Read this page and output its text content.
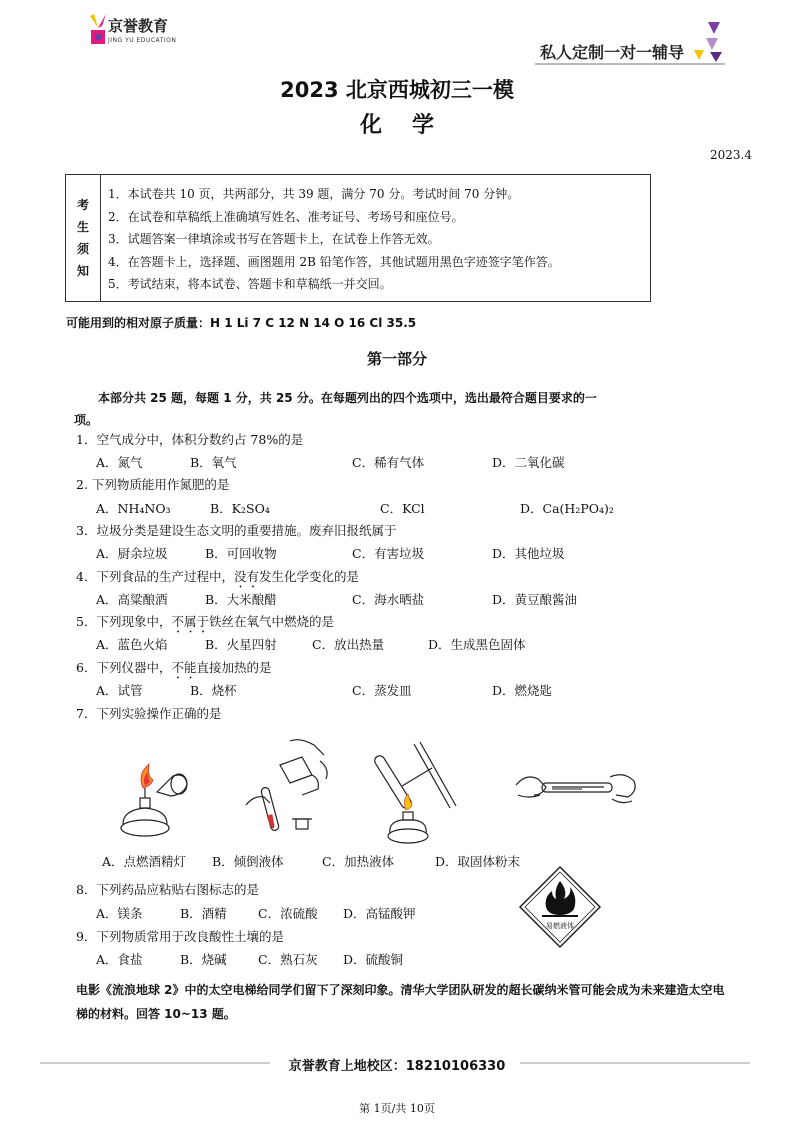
京誉教育
JING YU EDUCATION
私人定制一对一辅导
2023 北京西城初三一模
化学
2023.4
考
生
须
知
1．本试卷共 10 页，共两部分，共 39 题，满分 70 分。考试时间 70 分钟。
2．在试卷和草稿纸上准确填写姓名、准考证号、考场号和座位号。
3．试题答案一律填涂或书写在答题卡上，在试卷上作答无效。
4．在答题卡上，选择题、画图题用 2B 铅笔作答，其他试题用黑色字迹签字笔作答。
5．考试结束，将本试卷、答题卡和草稿纸一并交回。
可能用到的相对原子质量：H 1 Li 7 C 12 N 14 O 16 Cl 35.5
第一部分
本部分共 25 题，每题 1 分，共 25 分。在每题列出的四个选项中，选出最符合题目要求的一项。
1．空气成分中，体积分数约占 78%的是
A．氮气	B．氧气	C．稀有气体	D．二氧化碳
2. 下列物质能用作氮肥的是
A．NH₄NO₃	B．K₂SO₄	C．KCl	D．Ca(H₂PO₄)₂
3．垃圾分类是建设生态文明的重要措施。废弃旧报纸属于
A．厨余垃圾	B．可回收物	C．有害垃圾	D．其他垃圾
4．下列食品的生产过程中，没有发生化学变化的是
A．高粱酿酒	B．大米酿醋	C．海水晒盐	D．黄豆酿酱油
5．下列现象中，不属于铁丝在氧气中燃烧的是
A．蓝色火焰	B．火星四射	C．放出热量	D．生成黑色固体
6．下列仪器中，不能直接加热的是
A．试管	B．烧杯	C．蒸发皿	D．燃烧匙
7．下列实验操作正确的是
A．点燃酒精灯 B．倾倒液体	C．加热液体	D．取固体粉末
8．下列药品应粘贴右图标志的是
A．镁条	B．酒精	C．浓硫酸 D．高锰酸钾
易燃液体
9．下列物质常用于改良酸性土壤的是
A．食盐	B．烧碱	C．熟石灰 D．硫酸铜
电影《流浪地球 2》中的太空电梯给同学们留下了深刻印象。清华大学团队研发的超长碳纳米管可能会成为未来建造太空电梯的材料。回答 10~13 题。
京誉教育上地校区：18210106330
第 1页/共 10页
